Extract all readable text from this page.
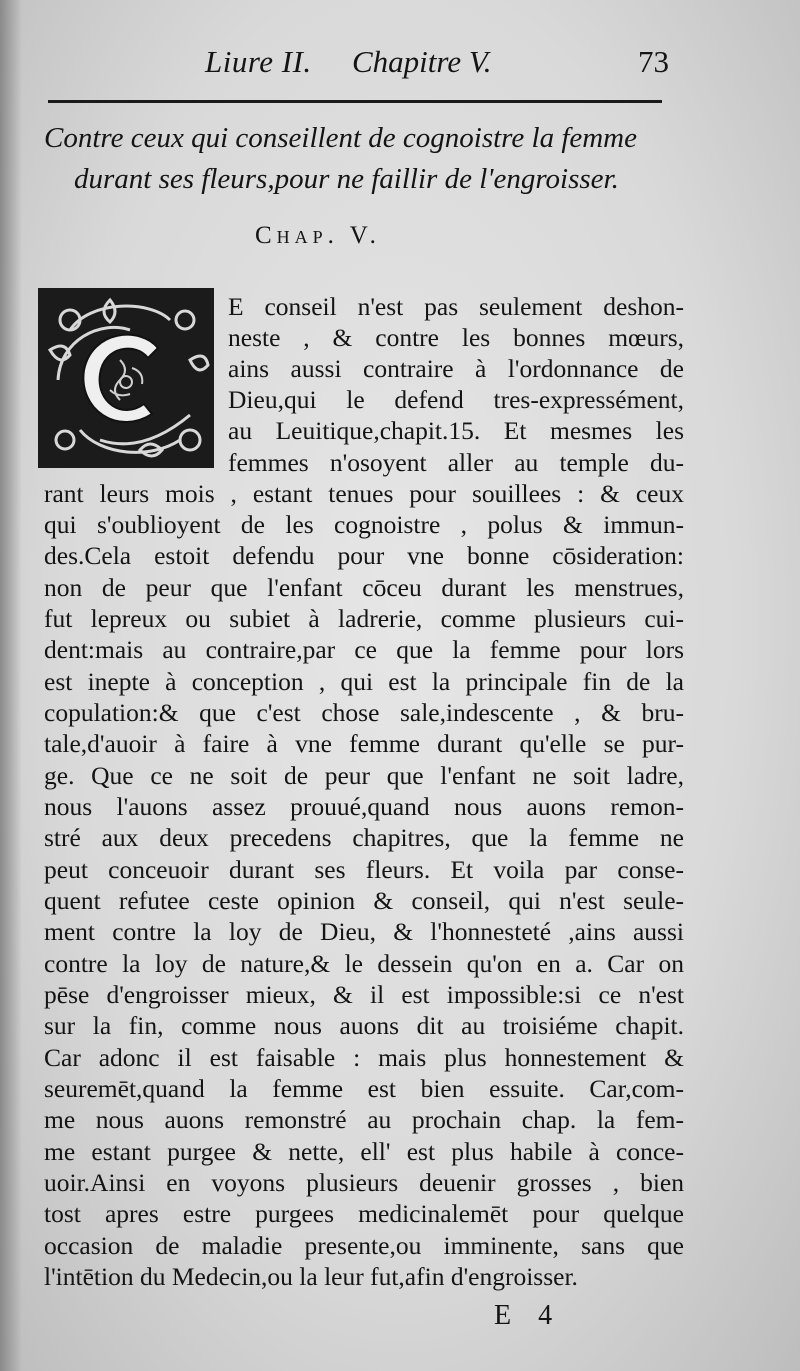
Liure II. Chapitre V.	73
Contre ceux qui conseillent de cognoistre la femme
durant ses fleurs,pour ne faillir de l'engroisser.
Chap. V.
E conseil n'est pas seulement deshon-
neste , & contre les bonnes mœurs,
ains aussi contraire à l'ordonnance de
Dieu,qui le defend tres-expressément,
au Leuitique,chapit.15. Et mesmes les
femmes n'osoyent aller au temple du-
rant leurs mois , estant tenues pour souillees : & ceux
qui s'oublioyent de les cognoistre , polus & immun-
des.Cela estoit defendu pour vne bonne cōsideration:
non de peur que l'enfant cōceu durant les menstrues,
fut lepreux ou subiet à ladrerie, comme plusieurs cui-
dent:mais au contraire,par ce que la femme pour lors
est inepte à conception , qui est la principale fin de la
copulation:& que c'est chose sale,indescente , & bru-
tale,d'auoir à faire à vne femme durant qu'elle se pur-
ge. Que ce ne soit de peur que l'enfant ne soit ladre,
nous l'auons assez prouué,quand nous auons remon-
stré aux deux precedens chapitres, que la femme ne
peut conceuoir durant ses fleurs. Et voila par conse-
quent refutee ceste opinion & conseil, qui n'est seule-
ment contre la loy de Dieu, & l'honnesteté ,ains aussi
contre la loy de nature,& le dessein qu'on en a. Car on
pēse d'engroisser mieux, & il est impossible:si ce n'est
sur la fin, comme nous auons dit au troisiéme chapit.
Car adonc il est faisable : mais plus honnestement &
seuremēt,quand la femme est bien essuite. Car,com-
me nous auons remonstré au prochain chap. la fem-
me estant purgee & nette, ell' est plus habile à conce-
uoir.Ainsi en voyons plusieurs deuenir grosses , bien
tost apres estre purgees medicinalemēt pour quelque
occasion de maladie presente,ou imminente, sans que
l'intētion du Medecin,ou la leur fut,afin d'engroisser.
E 4
